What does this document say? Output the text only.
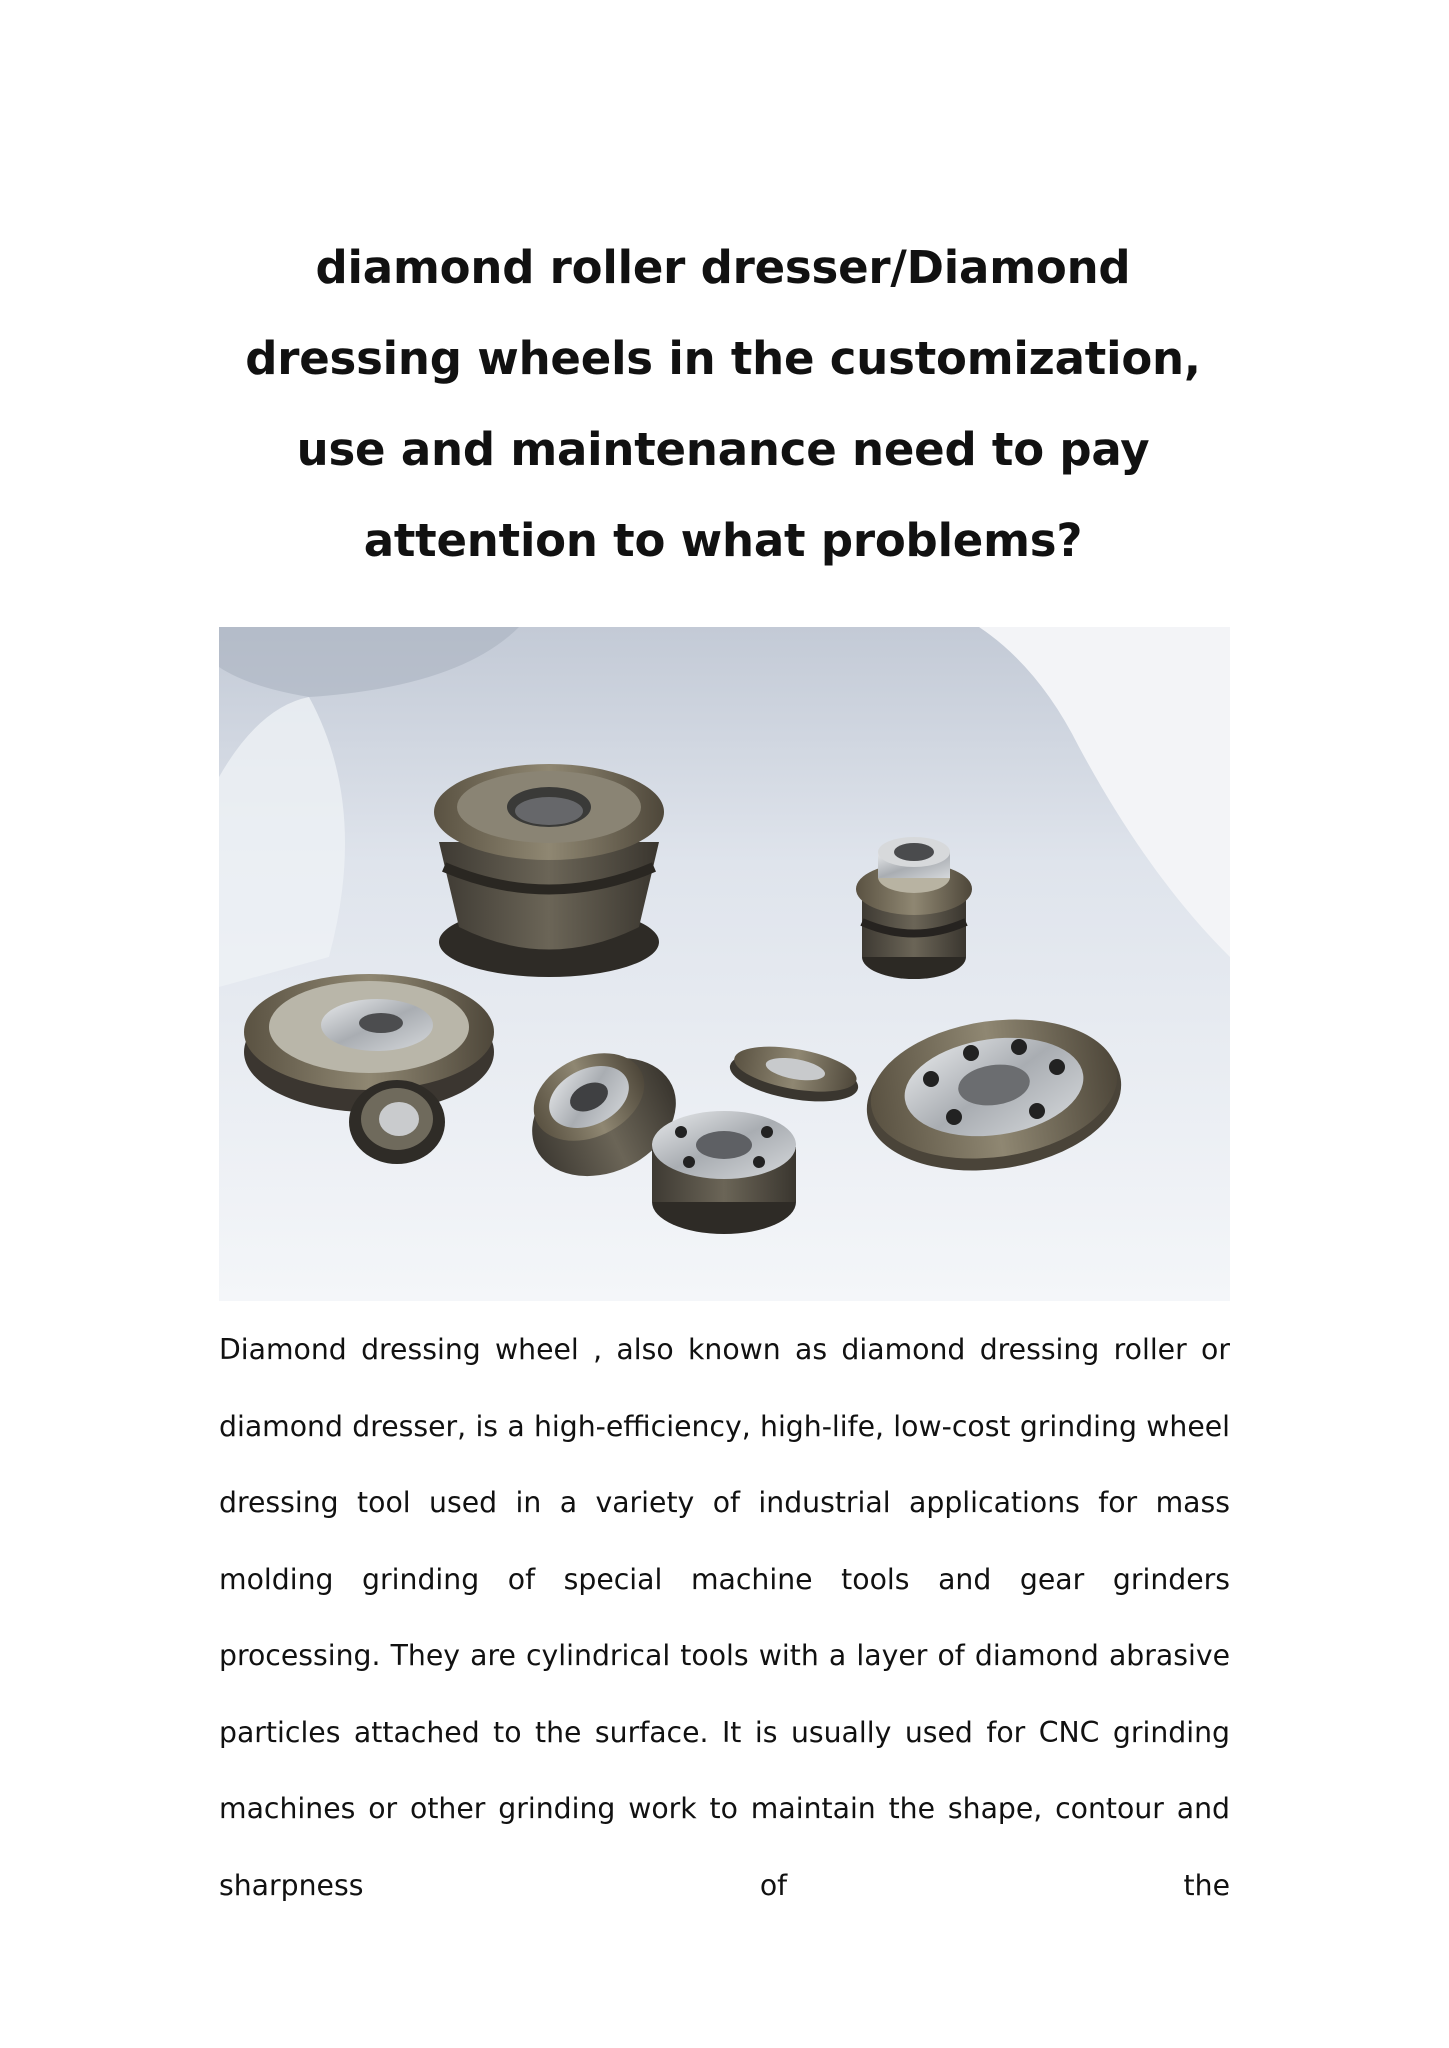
diamond roller dresser/Diamond dressing wheels in the customization, use and maintenance need to pay attention to what problems?

Diamond dressing wheel , also known as diamond dressing roller or diamond dresser, is a high-efficiency, high-life, low-cost grinding wheel dressing tool used in a variety of industrial applications for mass molding grinding of special machine tools and gear grinders processing. They are cylindrical tools with a layer of diamond abrasive particles attached to the surface. It is usually used for CNC grinding machines or other grinding work to maintain the shape, contour and sharpness of the
